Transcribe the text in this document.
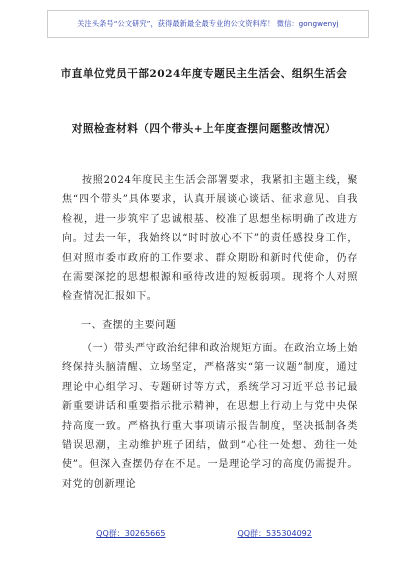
关注头条号“公文研究”，获得最新最全最专业的公文资料库！ 微信：gongwenyj
市直单位党员干部2024年度专题民主生活会、组织生活会
对照检查材料（四个带头+上年度查摆问题整改情况）

按照2024年度民主生活会部署要求，我紧扣主题主线，聚焦“四个带头”具体要求，认真开展谈心谈话、征求意见、自我检视，进一步筑牢了忠诚根基、校准了思想坐标明确了改进方向。过去一年，我始终以“时时放心不下”的责任感投身工作，但对照市委市政府的工作要求、群众期盼和新时代使命，仍存在需要深挖的思想根源和亟待改进的短板弱项。现将个人对照检查情况汇报如下。

一、查摆的主要问题

（一）带头严守政治纪律和政治规矩方面。在政治立场上始终保持头脑清醒、立场坚定，严格落实“第一议题”制度，通过理论中心组学习、专题研讨等方式，系统学习习近平总书记最新重要讲话和重要指示批示精神，在思想上行动上与党中央保持高度一致。严格执行重大事项请示报告制度，坚决抵制各类错误思潮，主动维护班子团结，做到“心往一处想、劲往一处使”。但深入查摆仍存在不足。一是理论学习的高度仍需提升。对党的创新理论

QQ群：30265665	QQ群：535304092
